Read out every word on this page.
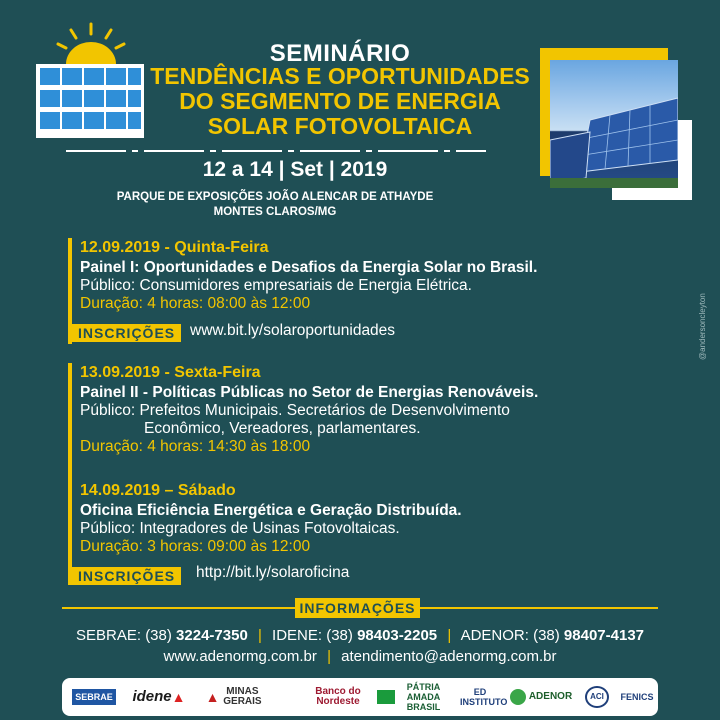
SEMINÁRIO
TENDÊNCIAS E OPORTUNIDADES
DO SEGMENTO DE ENERGIA
SOLAR FOTOVOLTAICA
12 a 14 | Set | 2019
PARQUE DE EXPOSIÇÕES JOÃO ALENCAR DE ATHAYDE
MONTES CLAROS/MG
12.09.2019 - Quinta-Feira
Painel I: Oportunidades e Desafios da Energia Solar no Brasil.
Público: Consumidores empresariais de Energia Elétrica.
Duração: 4 horas: 08:00 às 12:00
INSCRIÇÕES www.bit.ly/solaroportunidades
13.09.2019 - Sexta-Feira
Painel II - Políticas Públicas no Setor de Energias Renováveis.
Público: Prefeitos Municipais. Secretários de Desenvolvimento
Econômico, Vereadores, parlamentares.
Duração: 4 horas: 14:30 às 18:00
14.09.2019 – Sábado
Oficina Eficiência Energética e Geração Distribuída.
Público: Integradores de Usinas Fotovoltaicas.
Duração: 3 horas: 09:00 às 12:00
INSCRIÇÕES	http://bit.ly/solaroficina
INFORMAÇÕES
SEBRAE: (38) 3224-7350 | IDENE: (38) 98403-2205 | ADENOR: (38) 98407-4137
www.adenormg.com.br | atendimento@adenormg.com.br
SEBRAE idene ▲ ▲ MINAS GERAIS
Banco do Nordeste
PÁTRIA AMADA BRASIL
ED INSTITUTO ADENOR	ACI	FENICS
@andersoncleyton
